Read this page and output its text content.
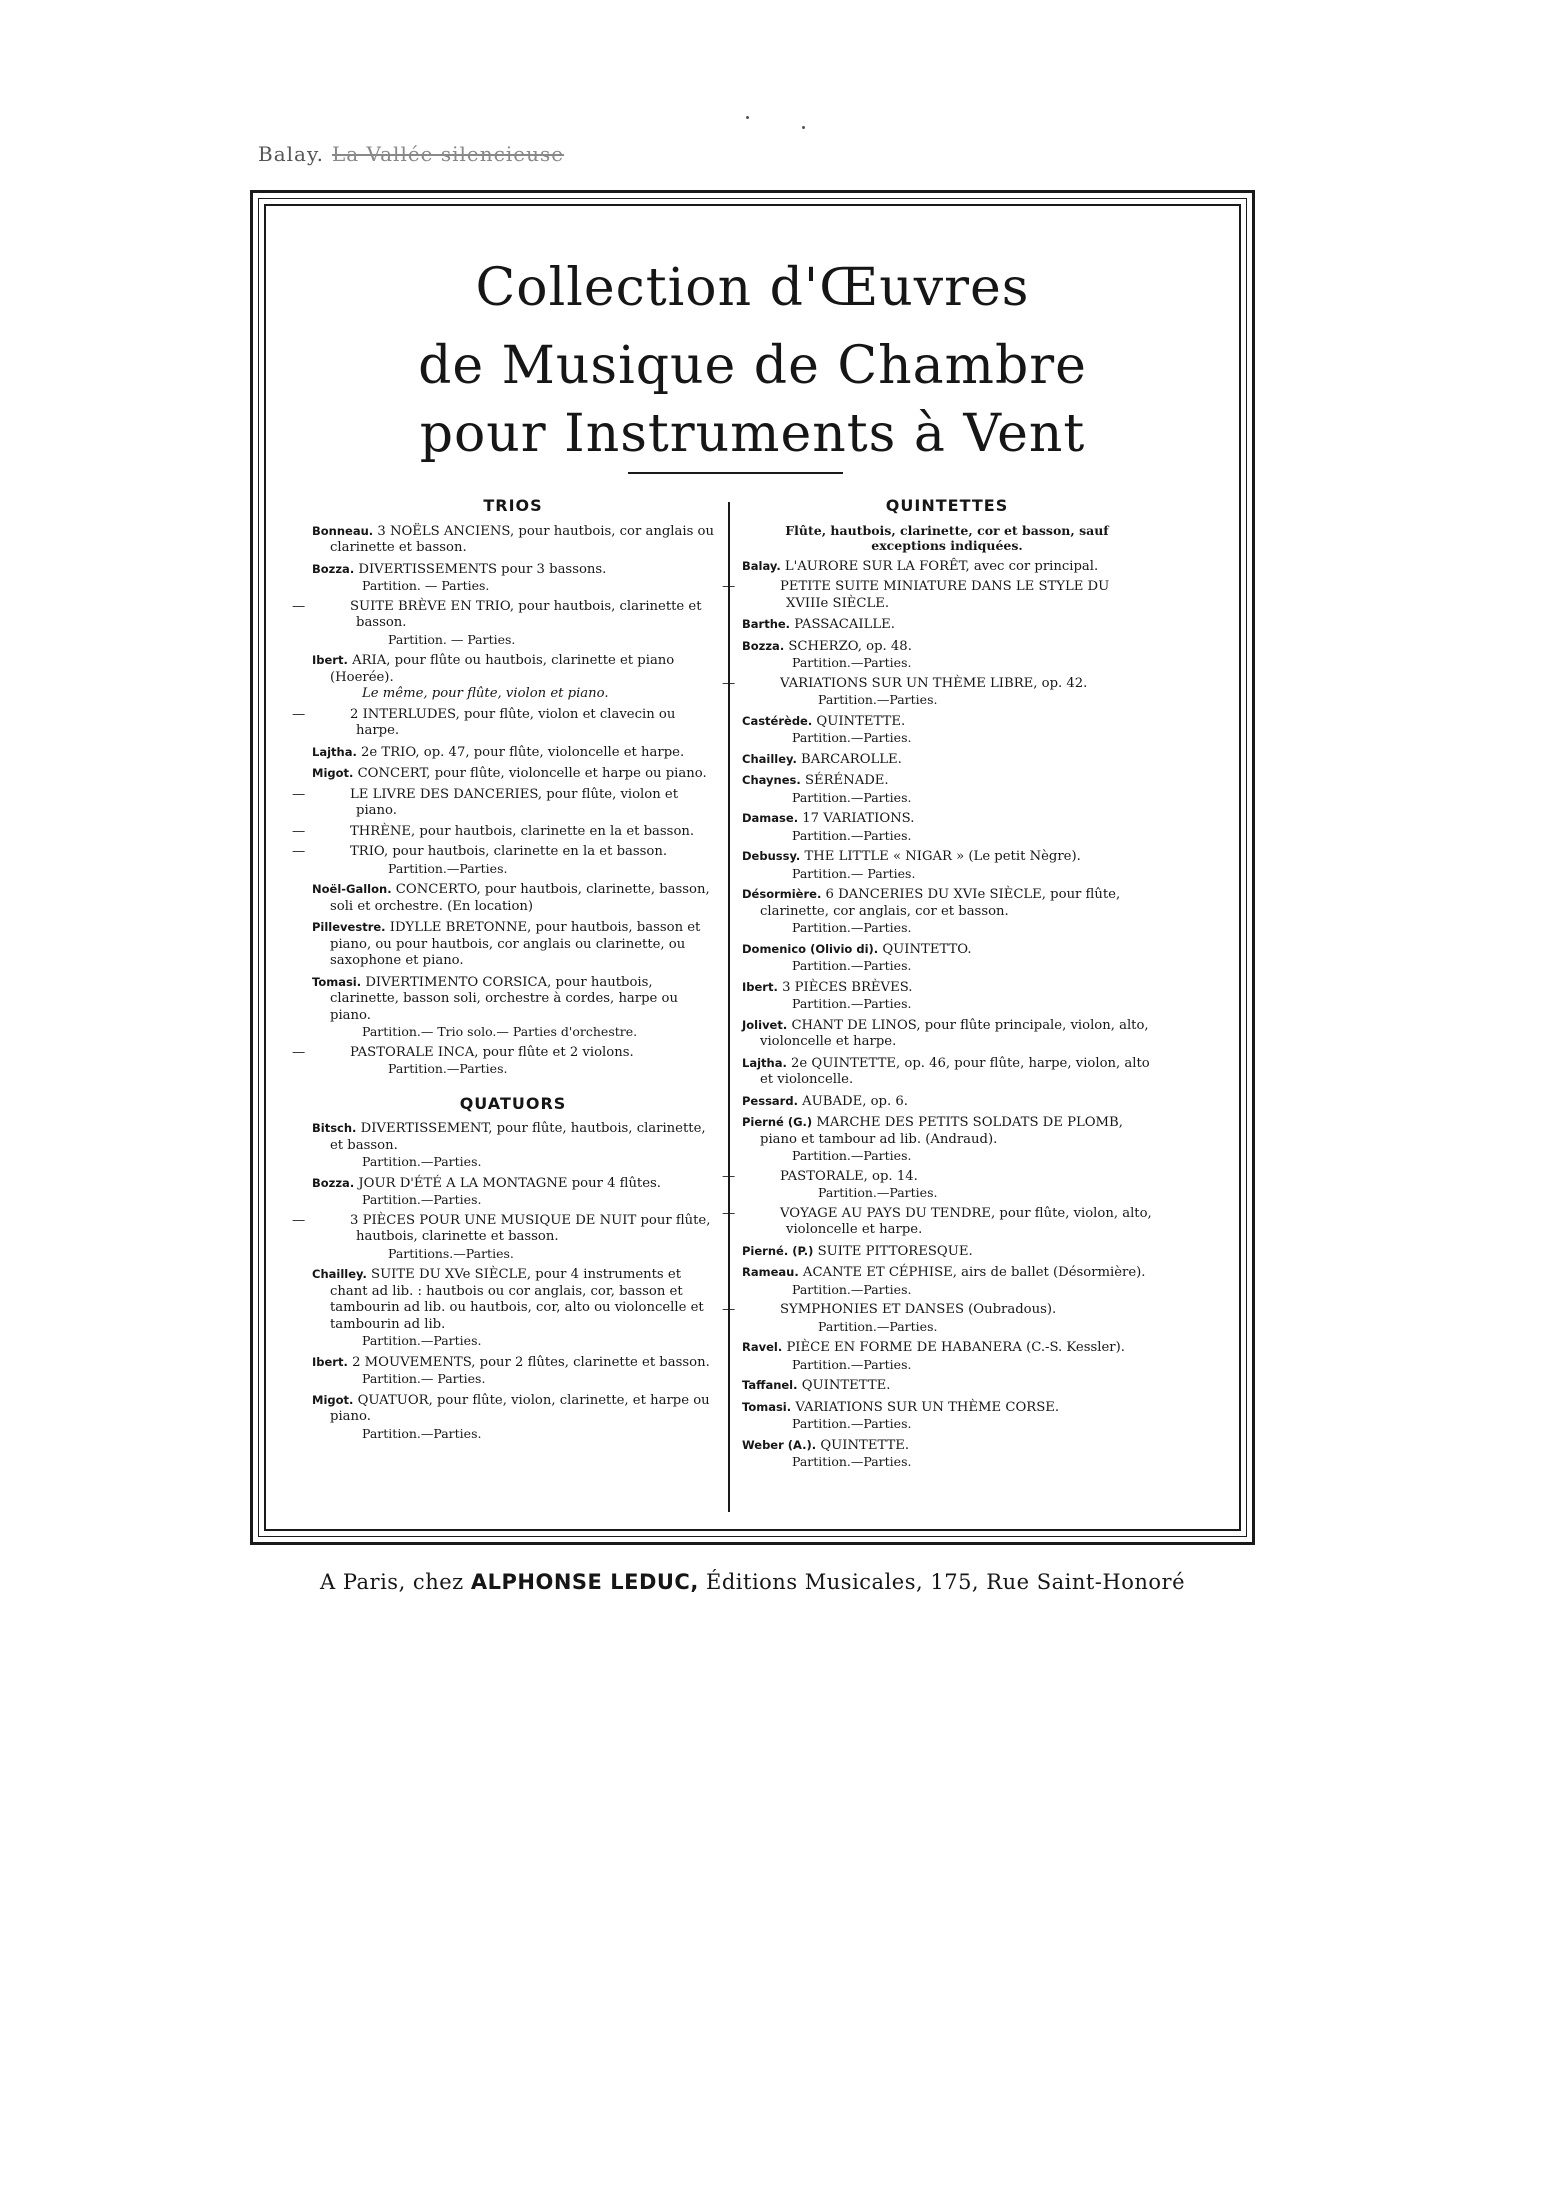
Balay. La Vallée silencieuse
Collection d'Œuvres
de Musique de Chambre
pour Instruments à Vent
TRIOS
Bonneau. 3 NOËLS ANCIENS, pour hautbois, cor anglais ou clarinette et basson.
Bozza. DIVERTISSEMENTS pour 3 bassons.
Partition. — Parties.
—	SUITE BRÈVE EN TRIO, pour hautbois, clarinette et basson.
Partition. — Parties.
Ibert. ARIA, pour flûte ou hautbois, clarinette et piano (Hoerée).
Le même, pour flûte, violon et piano.
—	2 INTERLUDES, pour flûte, violon et clavecin ou harpe.
Lajtha. 2e TRIO, op. 47, pour flûte, violoncelle et harpe.
Migot. CONCERT, pour flûte, violoncelle et harpe ou piano.
—	LE LIVRE DES DANCERIES, pour flûte, violon et piano.
—	THRÈNE, pour hautbois, clarinette en la et basson.
—	TRIO, pour hautbois, clarinette en la et basson.
Partition.—Parties.
Noël-Gallon. CONCERTO, pour hautbois, clarinette, basson, soli et orchestre. (En location)
Pillevestre. IDYLLE BRETONNE, pour hautbois, basson et piano, ou pour hautbois, cor anglais ou clarinette, ou saxophone et piano.
Tomasi. DIVERTIMENTO CORSICA, pour hautbois, clarinette, basson soli, orchestre à cordes, harpe ou piano.
Partition.— Trio solo.— Parties d'orchestre.
—	PASTORALE INCA, pour flûte et 2 violons.
Partition.—Parties.
QUATUORS
Bitsch. DIVERTISSEMENT, pour flûte, hautbois, clarinette, et basson.
Partition.—Parties.
Bozza. JOUR D'ÉTÉ A LA MONTAGNE pour 4 flûtes.
Partition.—Parties.
—	3 PIÈCES POUR UNE MUSIQUE DE NUIT pour flûte, hautbois, clarinette et basson.
Partitions.—Parties.
Chailley. SUITE DU XVe SIÈCLE, pour 4 instruments et chant ad lib. : hautbois ou cor anglais, cor, basson et tambourin ad lib. ou hautbois, cor, alto ou violoncelle et tambourin ad lib.
Partition.—Parties.
Ibert. 2 MOUVEMENTS, pour 2 flûtes, clarinette et basson.
Partition.— Parties.
Migot. QUATUOR, pour flûte, violon, clarinette, et harpe ou piano.
Partition.—Parties.
QUINTETTES
Flûte, hautbois, clarinette, cor et basson, sauf exceptions indiquées.
Balay. L'AURORE SUR LA FORÊT, avec cor principal.
—	PETITE SUITE MINIATURE DANS LE STYLE DU XVIIIe SIÈCLE.
Barthe. PASSACAILLE.
Bozza. SCHERZO, op. 48.
Partition.—Parties.
—	VARIATIONS SUR UN THÈME LIBRE, op. 42.
Partition.—Parties.
Castérède. QUINTETTE.
Partition.—Parties.
Chailley. BARCAROLLE.
Chaynes. SÉRÉNADE.
Partition.—Parties.
Damase. 17 VARIATIONS.
Partition.—Parties.
Debussy. THE LITTLE « NIGAR » (Le petit Nègre).
Partition.— Parties.
Désormière. 6 DANCERIES DU XVIe SIÈCLE, pour flûte, clarinette, cor anglais, cor et basson.
Partition.—Parties.
Domenico (Olivio di). QUINTETTO.
Partition.—Parties.
Ibert. 3 PIÈCES BRÈVES.
Partition.—Parties.
Jolivet. CHANT DE LINOS, pour flûte principale, violon, alto, violoncelle et harpe.
Lajtha. 2e QUINTETTE, op. 46, pour flûte, harpe, violon, alto et violoncelle.
Pessard. AUBADE, op. 6.
Pierné (G.) MARCHE DES PETITS SOLDATS DE PLOMB, piano et tambour ad lib. (Andraud).
Partition.—Parties.
—	PASTORALE, op. 14.
Partition.—Parties.
—	VOYAGE AU PAYS DU TENDRE, pour flûte, violon, alto, violoncelle et harpe.
Pierné. (P.) SUITE PITTORESQUE.
Rameau. ACANTE ET CÉPHISE, airs de ballet (Désormière).
Partition.—Parties.
—	SYMPHONIES ET DANSES (Oubradous).
Partition.—Parties.
Ravel. PIÈCE EN FORME DE HABANERA (C.-S. Kessler).
Partition.—Parties.
Taffanel. QUINTETTE.
Tomasi. VARIATIONS SUR UN THÈME CORSE.
Partition.—Parties.
Weber (A.). QUINTETTE.
Partition.—Parties.
A Paris, chez ALPHONSE LEDUC, Éditions Musicales, 175, Rue Saint-Honoré
